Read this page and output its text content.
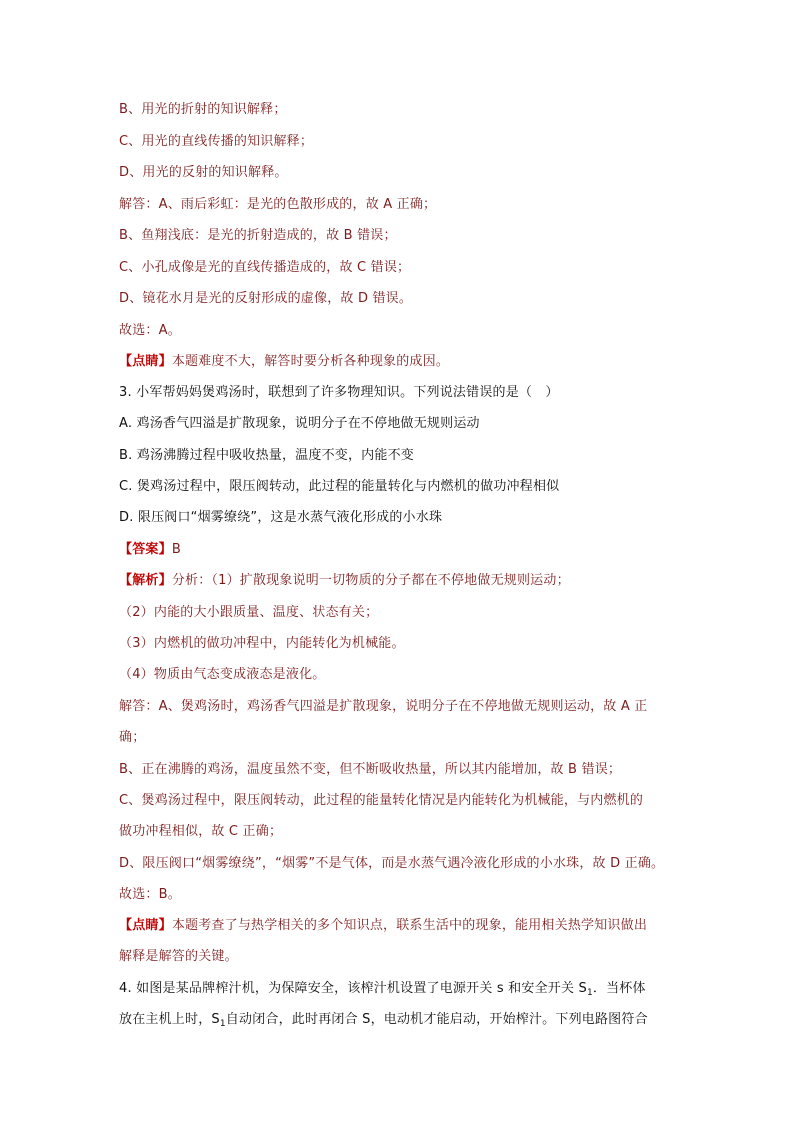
B、用光的折射的知识解释；
C、用光的直线传播的知识解释；
D、用光的反射的知识解释。
解答：A、雨后彩虹：是光的色散形成的，故 A 正确；
B、鱼翔浅底：是光的折射造成的，故 B 错误；
C、小孔成像是光的直线传播造成的，故 C 错误；
D、镜花水月是光的反射形成的虚像，故 D 错误。
故选：A。
【点睛】本题难度不大，解答时要分析各种现象的成因。
3. 小军帮妈妈煲鸡汤时，联想到了许多物理知识。下列说法错误的是（　）
A. 鸡汤香气四溢是扩散现象，说明分子在不停地做无规则运动
B. 鸡汤沸腾过程中吸收热量，温度不变，内能不变
C. 煲鸡汤过程中，限压阀转动，此过程的能量转化与内燃机的做功冲程相似
D. 限压阀口“烟雾缭绕”，这是水蒸气液化形成的小水珠
【答案】B
【解析】分析：（1）扩散现象说明一切物质的分子都在不停地做无规则运动；
（2）内能的大小跟质量、温度、状态有关；
（3）内燃机的做功冲程中，内能转化为机械能。
（4）物质由气态变成液态是液化。
解答：A、煲鸡汤时，鸡汤香气四溢是扩散现象，说明分子在不停地做无规则运动，故 A 正
确；
B、正在沸腾的鸡汤，温度虽然不变，但不断吸收热量，所以其内能增加，故 B 错误；
C、煲鸡汤过程中，限压阀转动，此过程的能量转化情况是内能转化为机械能，与内燃机的
做功冲程相似，故 C 正确；
D、限压阀口“烟雾缭绕”，“烟雾”不是气体，而是水蒸气遇冷液化形成的小水珠，故 D 正确。
故选：B。
【点睛】本题考查了与热学相关的多个知识点，联系生活中的现象，能用相关热学知识做出
解释是解答的关键。
4. 如图是某品牌榨汁机，为保障安全，该榨汁机设置了电源开关 s 和安全开关 $S_1$．当杯体
放在主机上时，$S_1$自动闭合，此时再闭合 S，电动机才能启动，开始榨汁。下列电路图符合
